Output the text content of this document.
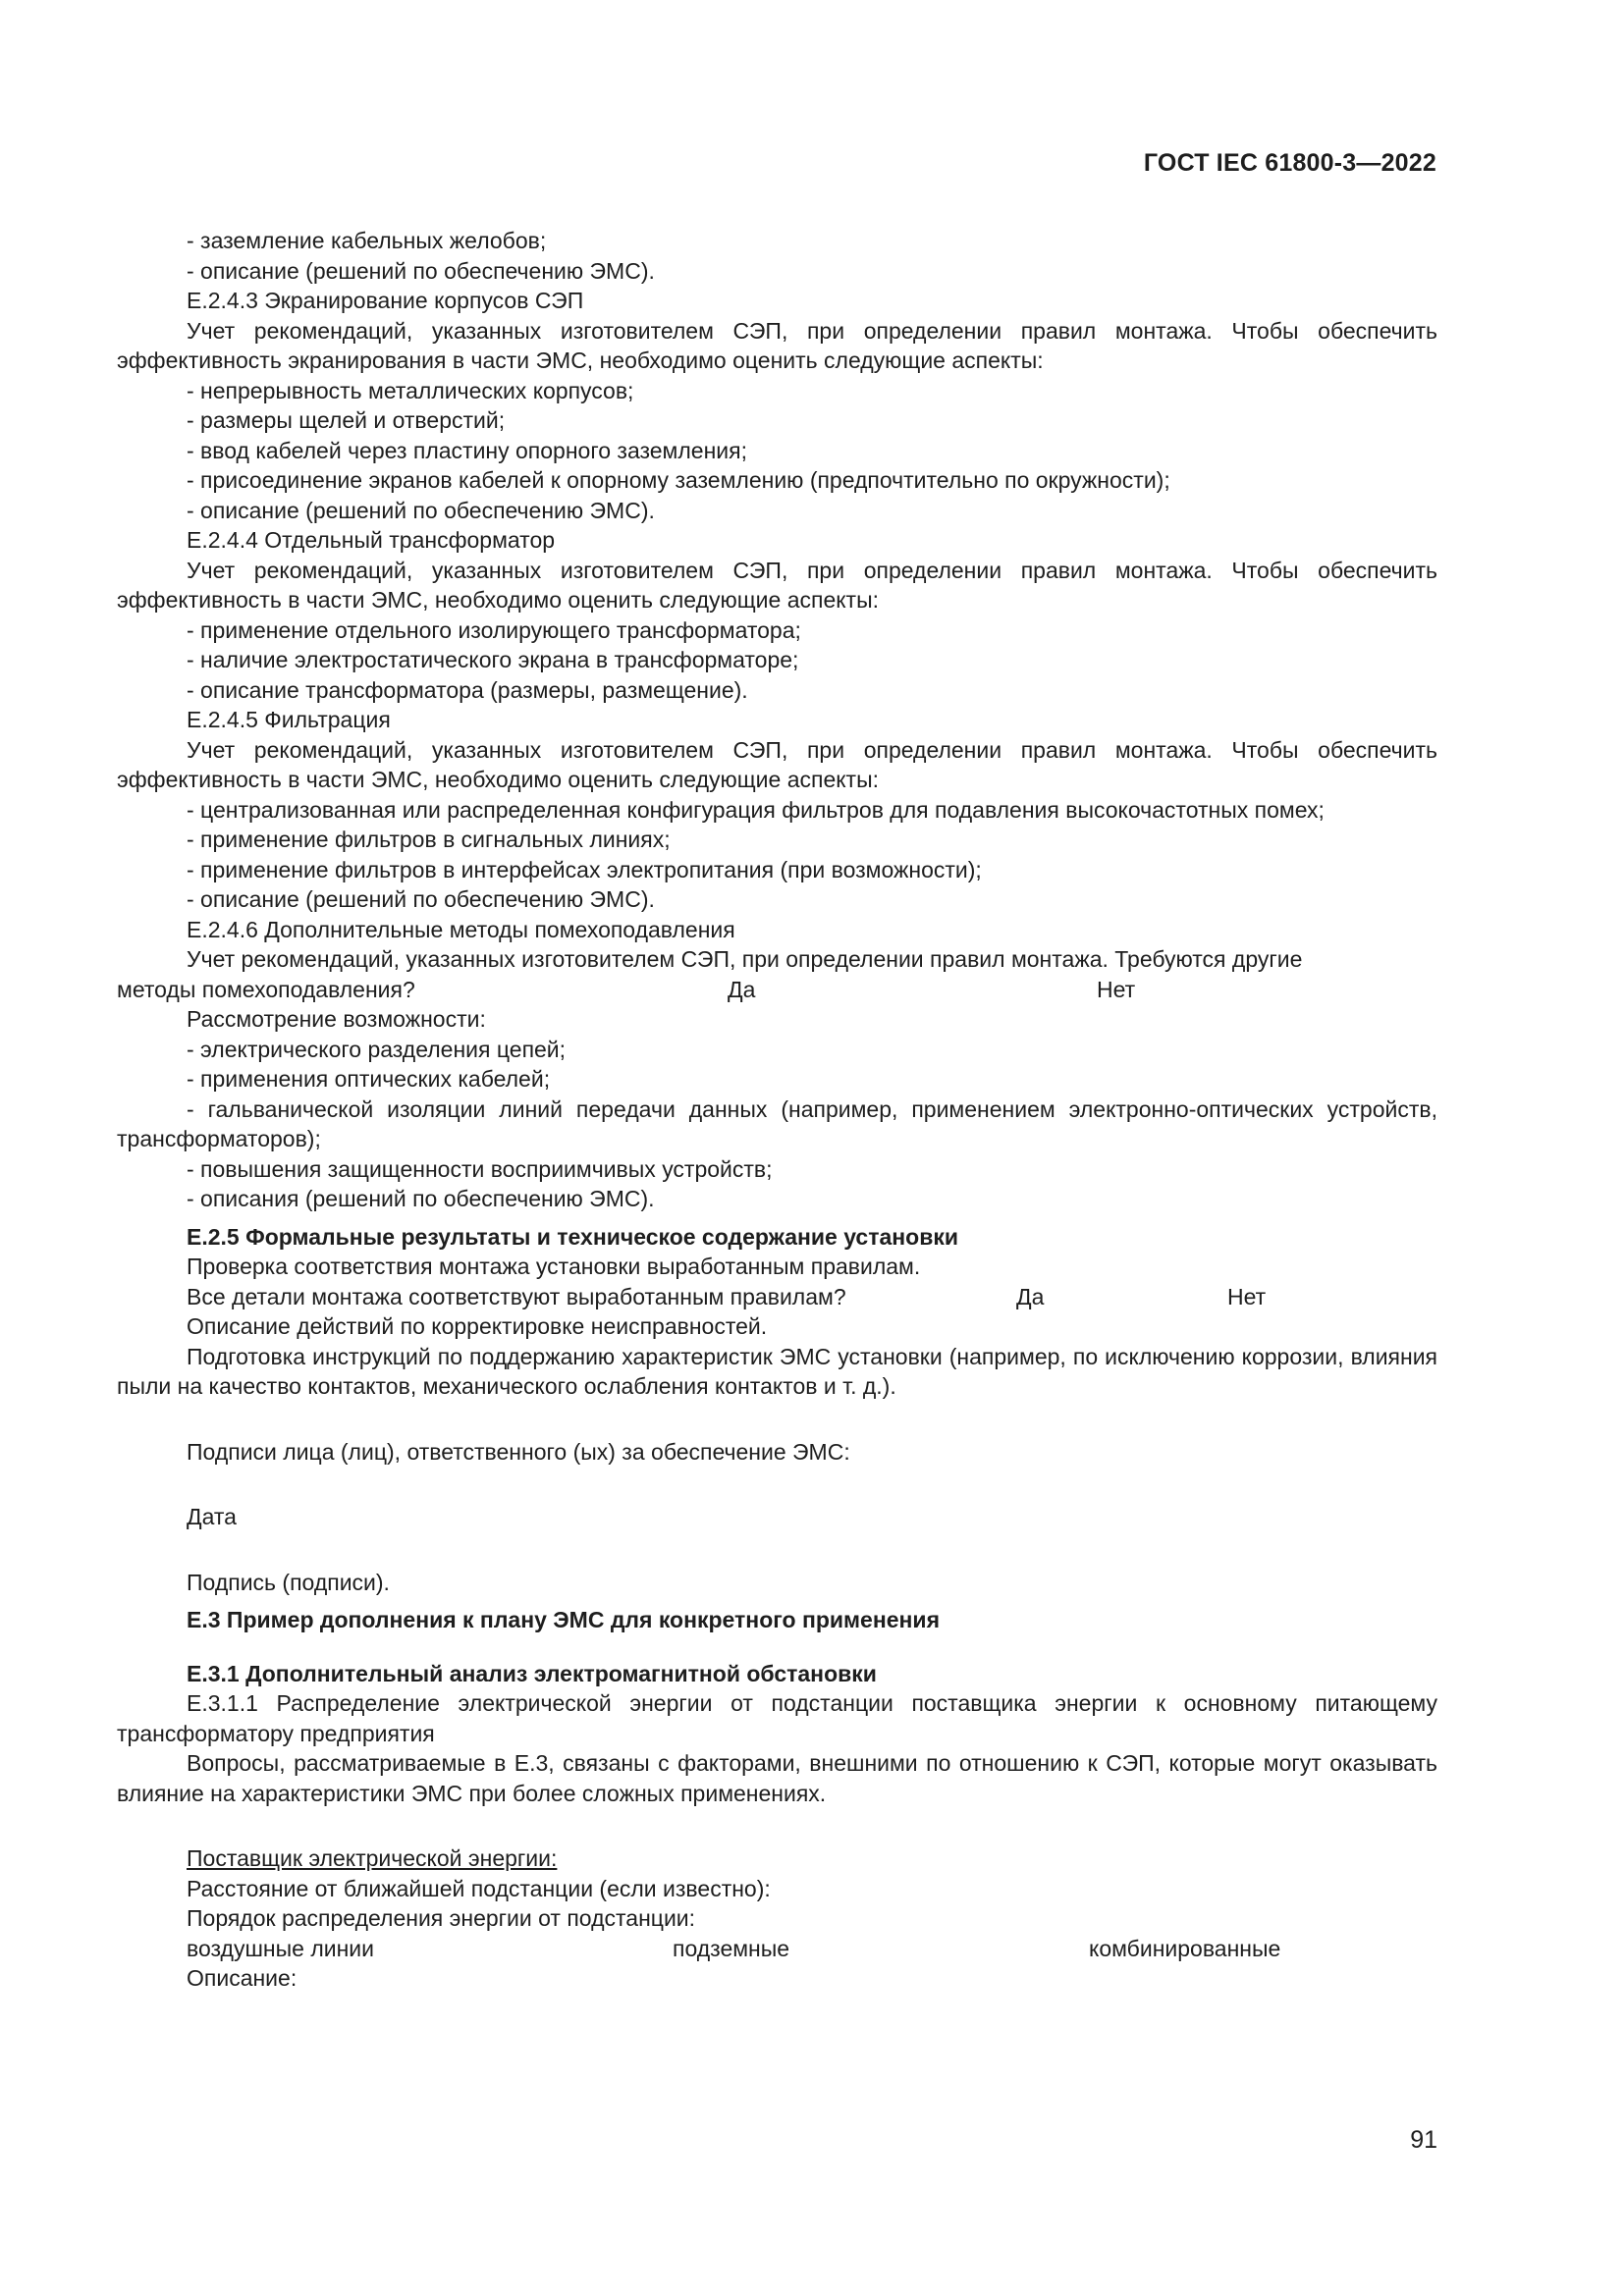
ГОСТ IEC 61800-3—2022

- заземление кабельных желобов;

- описание (решений по обеспечению ЭМС).

Е.2.4.3 Экранирование корпусов СЭП

Учет рекомендаций, указанных изготовителем СЭП, при определении правил монтажа. Чтобы обеспечить эффективность экранирования в части ЭМС, необходимо оценить следующие аспекты:

- непрерывность металлических корпусов;

- размеры щелей и отверстий;

- ввод кабелей через пластину опорного заземления;

- присоединение экранов кабелей к опорному заземлению (предпочтительно по окружности);

- описание (решений по обеспечению ЭМС).

Е.2.4.4 Отдельный трансформатор

Учет рекомендаций, указанных изготовителем СЭП, при определении правил монтажа. Чтобы обеспечить эффективность в части ЭМС, необходимо оценить следующие аспекты:

- применение отдельного изолирующего трансформатора;

- наличие электростатического экрана в трансформаторе;

- описание трансформатора (размеры, размещение).

Е.2.4.5 Фильтрация

Учет рекомендаций, указанных изготовителем СЭП, при определении правил монтажа. Чтобы обеспечить эффективность в части ЭМС, необходимо оценить следующие аспекты:

- централизованная или распределенная конфигурация фильтров для подавления высокочастотных помех;

- применение фильтров в сигнальных линиях;

- применение фильтров в интерфейсах электропитания (при возможности);

- описание (решений по обеспечению ЭМС).

Е.2.4.6 Дополнительные методы помехоподавления

Учет рекомендаций, указанных изготовителем СЭП, при определении правил монтажа. Требуются другие

методы помехоподавления?	Да	Нет

Рассмотрение возможности:

- электрического разделения цепей;

- применения оптических кабелей;

- гальванической изоляции линий передачи данных (например, применением электронно-оптических устройств, трансформаторов);

- повышения защищенности восприимчивых устройств;

- описания (решений по обеспечению ЭМС).

Е.2.5 Формальные результаты и техническое содержание установки

Проверка соответствия монтажа установки выработанным правилам.

Все детали монтажа соответствуют выработанным правилам?	Да	Нет

Описание действий по корректировке неисправностей.

Подготовка инструкций по поддержанию характеристик ЭМС установки (например, по исключению коррозии, влияния пыли на качество контактов, механического ослабления контактов и т. д.).

Подписи лица (лиц), ответственного (ых) за обеспечение ЭМС:

Дата

Подпись (подписи).

Е.3 Пример дополнения к плану ЭМС для конкретного применения

Е.3.1 Дополнительный анализ электромагнитной обстановки

Е.3.1.1 Распределение электрической энергии от подстанции поставщика энергии к основному питающему трансформатору предприятия

Вопросы, рассматриваемые в Е.3, связаны с факторами, внешними по отношению к СЭП, которые могут оказывать влияние на характеристики ЭМС при более сложных применениях.

Поставщик электрической энергии:

Расстояние от ближайшей подстанции (если известно):

Порядок распределения энергии от подстанции:

воздушные линии	подземные	комбинированные

Описание:

91
